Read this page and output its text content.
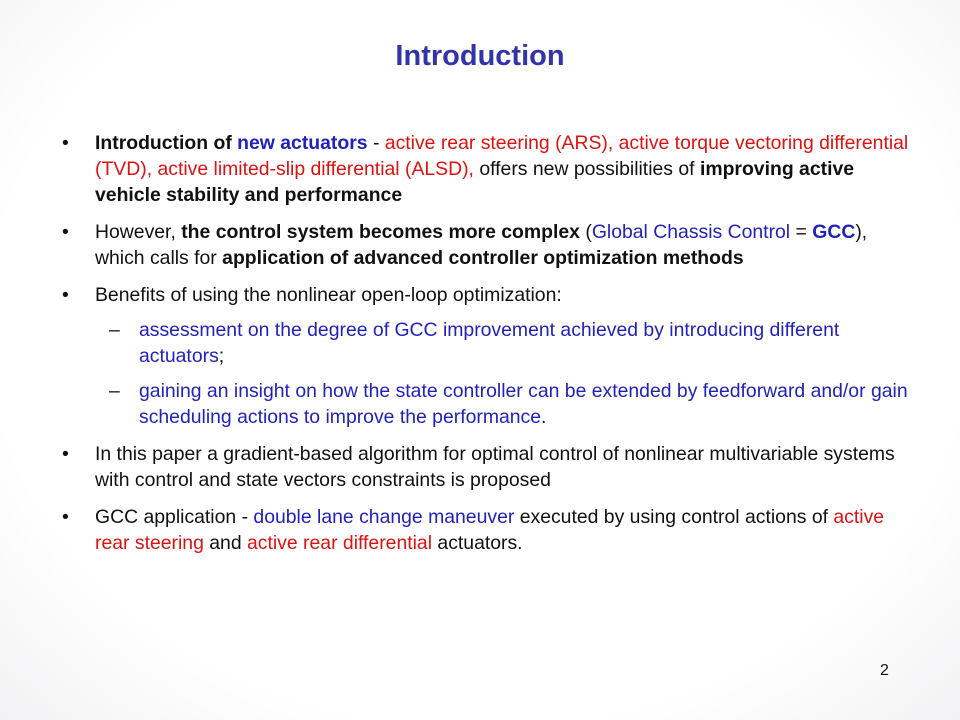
Introduction
• Introduction of new actuators - active rear steering (ARS), active torque vectoring differential (TVD), active limited-slip differential (ALSD), offers new possibilities of improving active vehicle stability and performance
• However, the control system becomes more complex (Global Chassis Control = GCC), which calls for application of advanced controller optimization methods
• Benefits of using the nonlinear open-loop optimization:
– assessment on the degree of GCC improvement achieved by introducing different actuators;
– gaining an insight on how the state controller can be extended by feedforward and/or gain scheduling actions to improve the performance.
• In this paper a gradient-based algorithm for optimal control of nonlinear multivariable systems with control and state vectors constraints is proposed
• GCC application - double lane change maneuver executed by using control actions of active rear steering and active rear differential actuators.
2
